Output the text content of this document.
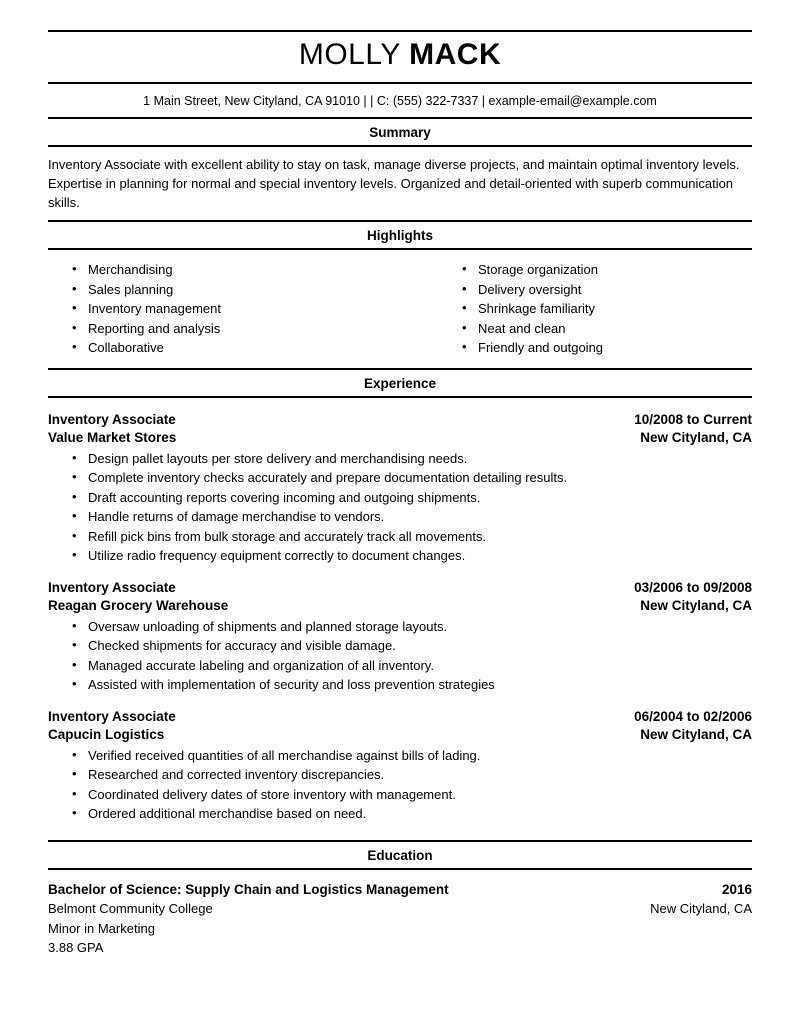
MOLLY MACK
1 Main Street, New Cityland, CA 91010 | | C: (555) 322-7337 | example-email@example.com
Summary
Inventory Associate with excellent ability to stay on task, manage diverse projects, and maintain optimal inventory levels. Expertise in planning for normal and special inventory levels. Organized and detail-oriented with superb communication skills.
Highlights
• Merchandising
• Sales planning
• Inventory management
• Reporting and analysis
• Collaborative
• Storage organization
• Delivery oversight
• Shrinkage familiarity
• Neat and clean
• Friendly and outgoing
Experience
Inventory Associate	10/2008 to Current
Value Market Stores	New Cityland, CA
• Design pallet layouts per store delivery and merchandising needs.
• Complete inventory checks accurately and prepare documentation detailing results.
• Draft accounting reports covering incoming and outgoing shipments.
• Handle returns of damage merchandise to vendors.
• Refill pick bins from bulk storage and accurately track all movements.
• Utilize radio frequency equipment correctly to document changes.
Inventory Associate	03/2006 to 09/2008
Reagan Grocery Warehouse	New Cityland, CA
• Oversaw unloading of shipments and planned storage layouts.
• Checked shipments for accuracy and visible damage.
• Managed accurate labeling and organization of all inventory.
• Assisted with implementation of security and loss prevention strategies
Inventory Associate	06/2004 to 02/2006
Capucin Logistics	New Cityland, CA
• Verified received quantities of all merchandise against bills of lading.
• Researched and corrected inventory discrepancies.
• Coordinated delivery dates of store inventory with management.
• Ordered additional merchandise based on need.
Education
Bachelor of Science: Supply Chain and Logistics Management	2016
Belmont Community College	New Cityland, CA
Minor in Marketing
3.88 GPA
